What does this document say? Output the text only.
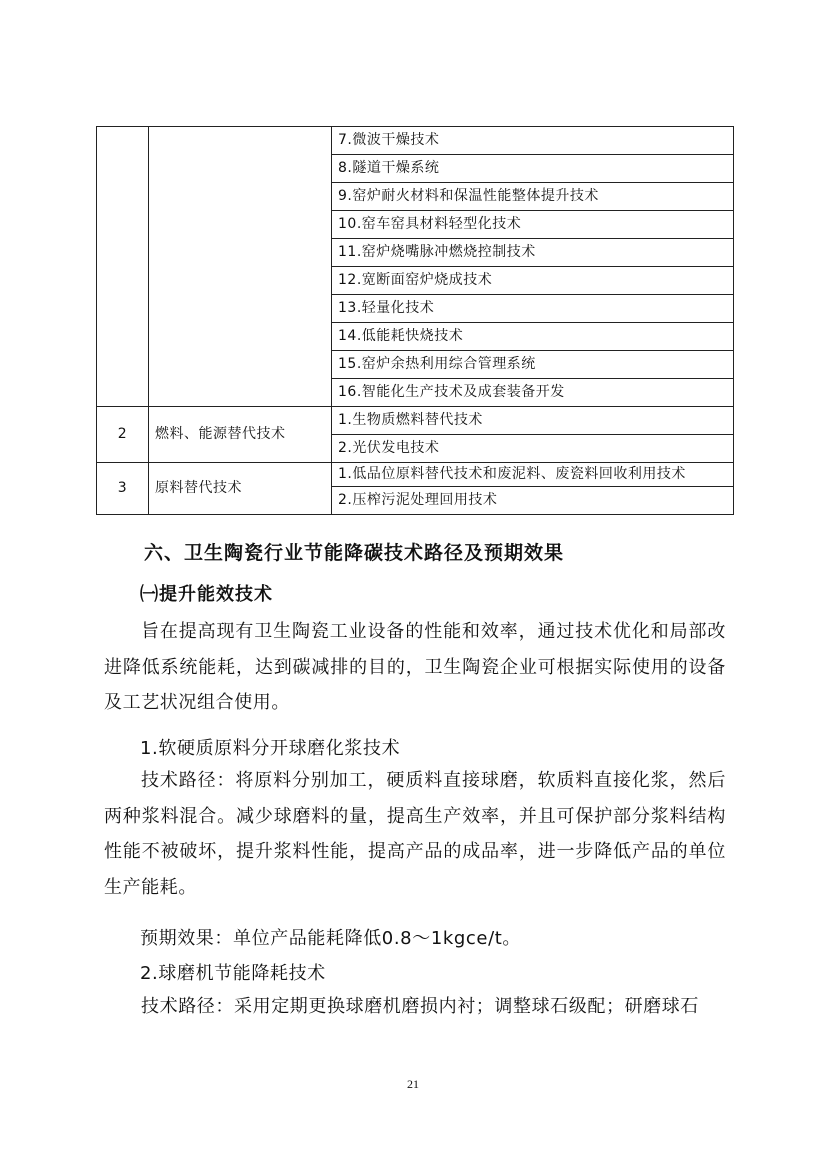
		7.微波干燥技术
		8.隧道干燥系统
		9.窑炉耐火材料和保温性能整体提升技术
		10.窑车窑具材料轻型化技术
		11.窑炉烧嘴脉冲燃烧控制技术
		12.宽断面窑炉烧成技术
		13.轻量化技术
		14.低能耗快烧技术
		15.窑炉余热利用综合管理系统
		16.智能化生产技术及成套装备开发
2	燃料、能源替代技术	1.生物质燃料替代技术
		2.光伏发电技术
3	原料替代技术	1.低品位原料替代技术和废泥料、废瓷料回收利用技术
		2.压榨污泥处理回用技术
六、卫生陶瓷行业节能降碳技术路径及预期效果
㈠提升能效技术
旨在提高现有卫生陶瓷工业设备的性能和效率，通过技术优化和局部改进降低系统能耗，达到碳减排的目的，卫生陶瓷企业可根据实际使用的设备及工艺状况组合使用。
1.软硬质原料分开球磨化浆技术
技术路径：将原料分别加工，硬质料直接球磨，软质料直接化浆，然后两种浆料混合。减少球磨料的量，提高生产效率，并且可保护部分浆料结构性能不被破坏，提升浆料性能，提高产品的成品率，进一步降低产品的单位生产能耗。
预期效果：单位产品能耗降低0.8～1kgce/t。
2.球磨机节能降耗技术
技术路径：采用定期更换球磨机磨损内衬；调整球石级配；研磨球石
21
